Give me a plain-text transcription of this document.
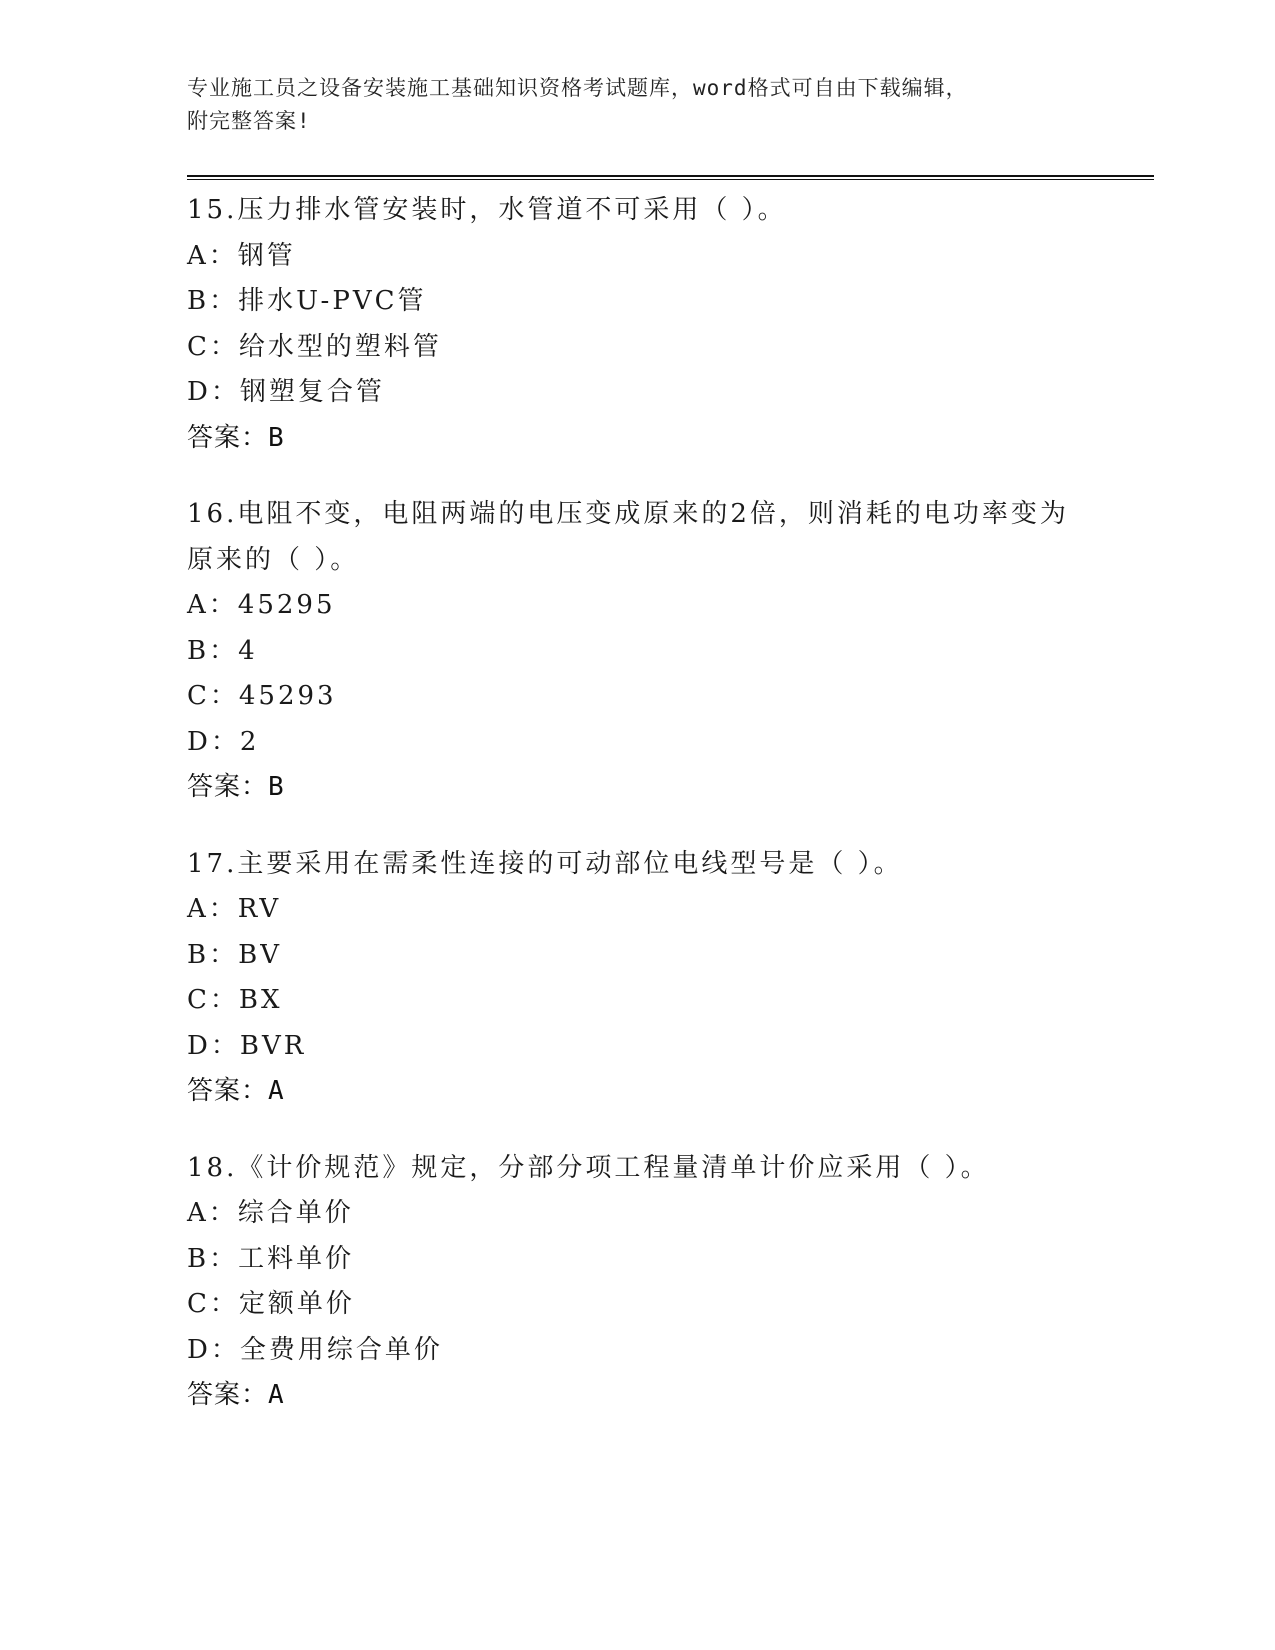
专业施工员之设备安装施工基础知识资格考试题库，word格式可自由下载编辑，
附完整答案!
15.压力排水管安装时，水管道不可采用（ ）。
A：钢管
B：排水U-PVC管
C：给水型的塑料管
D：钢塑复合管
答案：B
16.电阻不变，电阻两端的电压变成原来的2倍，则消耗的电功率变为
原来的（ ）。
A：45295
B：4
C：45293
D：2
答案：B
17.主要采用在需柔性连接的可动部位电线型号是（ ）。
A：RV
B：BV
C：BX
D：BVR
答案：A
18.《计价规范》规定，分部分项工程量清单计价应采用（ ）。
A：综合单价
B：工料单价
C：定额单价
D：全费用综合单价
答案：A
